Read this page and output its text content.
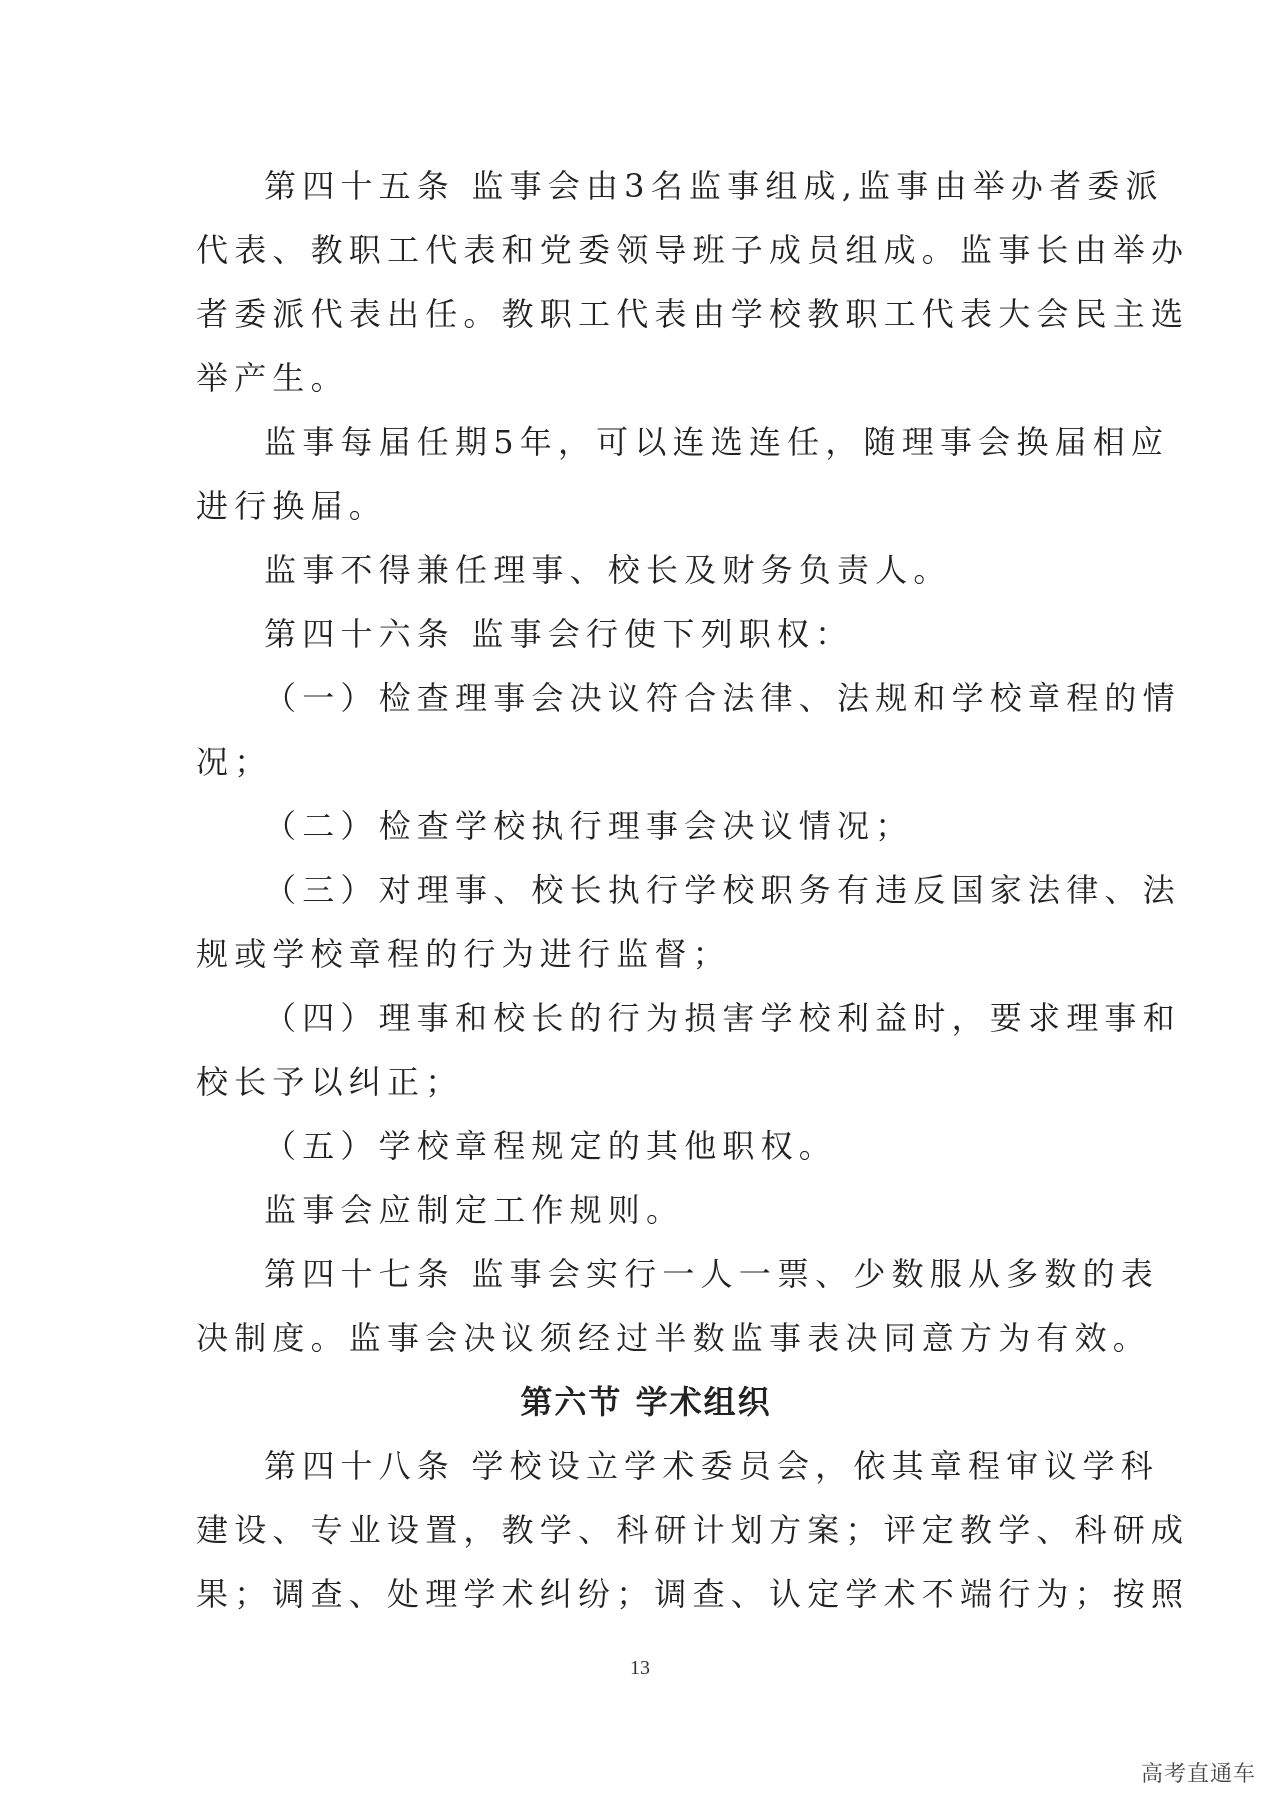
第四十五条 监事会由3名监事组成,监事由举办者委派
代表、教职工代表和党委领导班子成员组成。监事长由举办
者委派代表出任。教职工代表由学校教职工代表大会民主选
举产生。
监事每届任期5年，可以连选连任，随理事会换届相应
进行换届。
监事不得兼任理事、校长及财务负责人。
第四十六条 监事会行使下列职权：
（一）检查理事会决议符合法律、法规和学校章程的情
况；
（二）检查学校执行理事会决议情况；
（三）对理事、校长执行学校职务有违反国家法律、法
规或学校章程的行为进行监督；
（四）理事和校长的行为损害学校利益时，要求理事和
校长予以纠正；
（五）学校章程规定的其他职权。
监事会应制定工作规则。
第四十七条 监事会实行一人一票、少数服从多数的表
决制度。监事会决议须经过半数监事表决同意方为有效。
第六节 学术组织
第四十八条 学校设立学术委员会，依其章程审议学科
建设、专业设置，教学、科研计划方案；评定教学、科研成
果；调查、处理学术纠纷；调查、认定学术不端行为；按照
13
高考直通车
